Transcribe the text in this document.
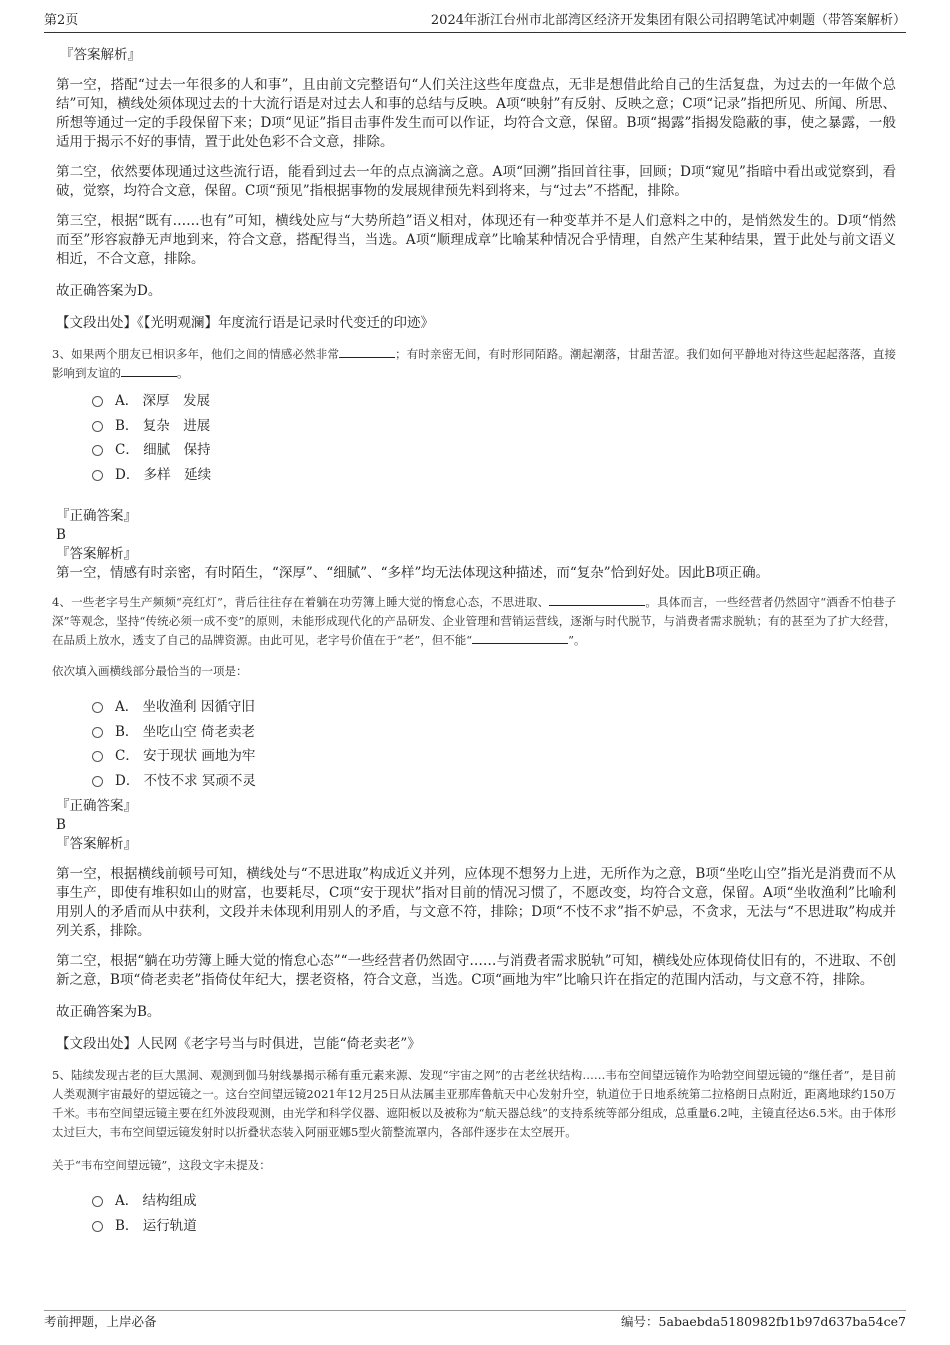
第2页	2024年浙江台州市北部湾区经济开发集团有限公司招聘笔试冲刺题（带答案解析）

『答案解析』

第一空，搭配“过去一年很多的人和事”，且由前文完整语句“人们关注这些年度盘点，无非是想借此给自己的生活复盘，为过去的一年做个总结”可知，横线处须体现过去的十大流行语是对过去人和事的总结与反映。A项“映射”有反射、反映之意；C项“记录”指把所见、所闻、所思、所想等通过一定的手段保留下来；D项“见证”指目击事件发生而可以作证，均符合文意，保留。B项“揭露”指揭发隐蔽的事，使之暴露，一般适用于揭示不好的事情，置于此处色彩不合文意，排除。

第二空，依然要体现通过这些流行语，能看到过去一年的点点滴滴之意。A项“回溯”指回首往事，回顾；D项“窥见”指暗中看出或觉察到，看破，觉察，均符合文意，保留。C项“预见”指根据事物的发展规律预先料到将来，与“过去”不搭配，排除。

第三空，根据“既有……也有”可知，横线处应与“大势所趋”语义相对，体现还有一种变革并不是人们意料之中的，是悄然发生的。D项“悄然而至”形容寂静无声地到来，符合文意，搭配得当，当选。A项“顺理成章”比喻某种情况合乎情理，自然产生某种结果，置于此处与前文语义相近，不合文意，排除。

故正确答案为D。

【文段出处】《【光明观澜】年度流行语是记录时代变迁的印迹》

3、如果两个朋友已相识多年，他们之间的情感必然非常	；有时亲密无间，有时形同陌路。潮起潮落，甘甜苦涩。我们如何平静地对待这些起起落落，直接影响到友谊的	。

A． 深厚　发展
B． 复杂　进展
C． 细腻　保持
D． 多样　延续

『正确答案』

B

『答案解析』

第一空，情感有时亲密，有时陌生，“深厚”、“细腻”、“多样”均无法体现这种描述，而“复杂”恰到好处。因此B项正确。

4、一些老字号生产频频“亮红灯”，背后往往存在着躺在功劳簿上睡大觉的惰怠心态，不思进取、	。具体而言，一些经营者仍然固守“酒香不怕巷子深”等观念，坚持“传统必须一成不变”的原则，未能形成现代化的产品研发、企业管理和营销运营线，逐渐与时代脱节，与消费者需求脱轨；有的甚至为了扩大经营，在品质上放水，透支了自己的品牌资源。由此可见，老字号价值在于“老”，但不能“	”。

依次填入画横线部分最恰当的一项是：

A． 坐收渔利 因循守旧
B． 坐吃山空 倚老卖老
C． 安于现状 画地为牢
D． 不忮不求 冥顽不灵

『正确答案』

B

『答案解析』

第一空，根据横线前顿号可知，横线处与“不思进取”构成近义并列，应体现不想努力上进，无所作为之意，B项“坐吃山空”指光是消费而不从事生产，即使有堆积如山的财富，也要耗尽，C项“安于现状”指对目前的情况习惯了，不愿改变，均符合文意，保留。A项“坐收渔利”比喻利用别人的矛盾而从中获利，文段并未体现利用别人的矛盾，与文意不符，排除；D项“不忮不求”指不妒忌，不贪求，无法与“不思进取”构成并列关系，排除。

第二空，根据“躺在功劳簿上睡大觉的惰怠心态”“一些经营者仍然固守……与消费者需求脱轨”可知，横线处应体现倚仗旧有的，不进取、不创新之意，B项“倚老卖老”指倚仗年纪大，摆老资格，符合文意，当选。C项“画地为牢”比喻只许在指定的范围内活动，与文意不符，排除。

故正确答案为B。

【文段出处】人民网《老字号当与时俱进，岂能“倚老卖老”》

5、陆续发现古老的巨大黑洞、观测到伽马射线暴揭示稀有重元素来源、发现“宇宙之网”的古老丝状结构……韦布空间望远镜作为哈勃空间望远镜的“继任者”，是目前人类观测宇宙最好的望远镜之一。这台空间望远镜2021年12月25日从法属圭亚那库鲁航天中心发射升空，轨道位于日地系统第二拉格朗日点附近，距离地球约150万千米。韦布空间望远镜主要在红外波段观测，由光学和科学仪器、遮阳板以及被称为“航天器总线”的支持系统等部分组成，总重量6.2吨，主镜直径达6.5米。由于体形太过巨大，韦布空间望远镜发射时以折叠状态装入阿丽亚娜5型火箭整流罩内，各部件逐步在太空展开。

关于“韦布空间望远镜”，这段文字未提及：

A． 结构组成
B． 运行轨道
考前押题，上岸必备	编号：5abaebda5180982fb1b97d637ba54ce7
